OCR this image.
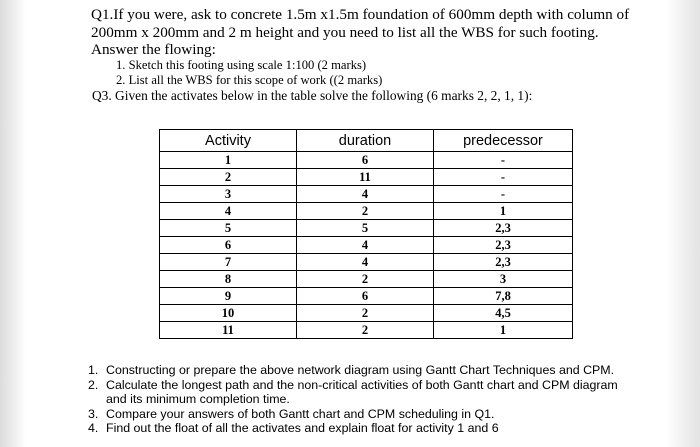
Q1.If you were, ask to concrete 1.5m x1.5m foundation of 600mm depth with column of 200mm x 200mm and 2 m height and you need to list all the WBS for such footing. Answer the flowing:

1. Sketch this footing using scale 1:100 (2 marks)
2. List all the WBS for this scope of work ((2 marks)

Q3. Given the activates below in the table solve the following (6 marks 2, 2, 1, 1):

Activity	duration	predecessor
1	6	-
2	11	-
3	4	-
4	2	1
5	5	2,3
6	4	2,3
7	4	2,3
8	2	3
9	6	7,8
10	2	4,5
11	2	1
1. Constructing or prepare the above network diagram using Gantt Chart Techniques and CPM.
2. Calculate the longest path and the non-critical activities of both Gantt chart and CPM diagram and its minimum completion time.
3. Compare your answers of both Gantt chart and CPM scheduling in Q1.
4. Find out the float of all the activates and explain float for activity 1 and 6
